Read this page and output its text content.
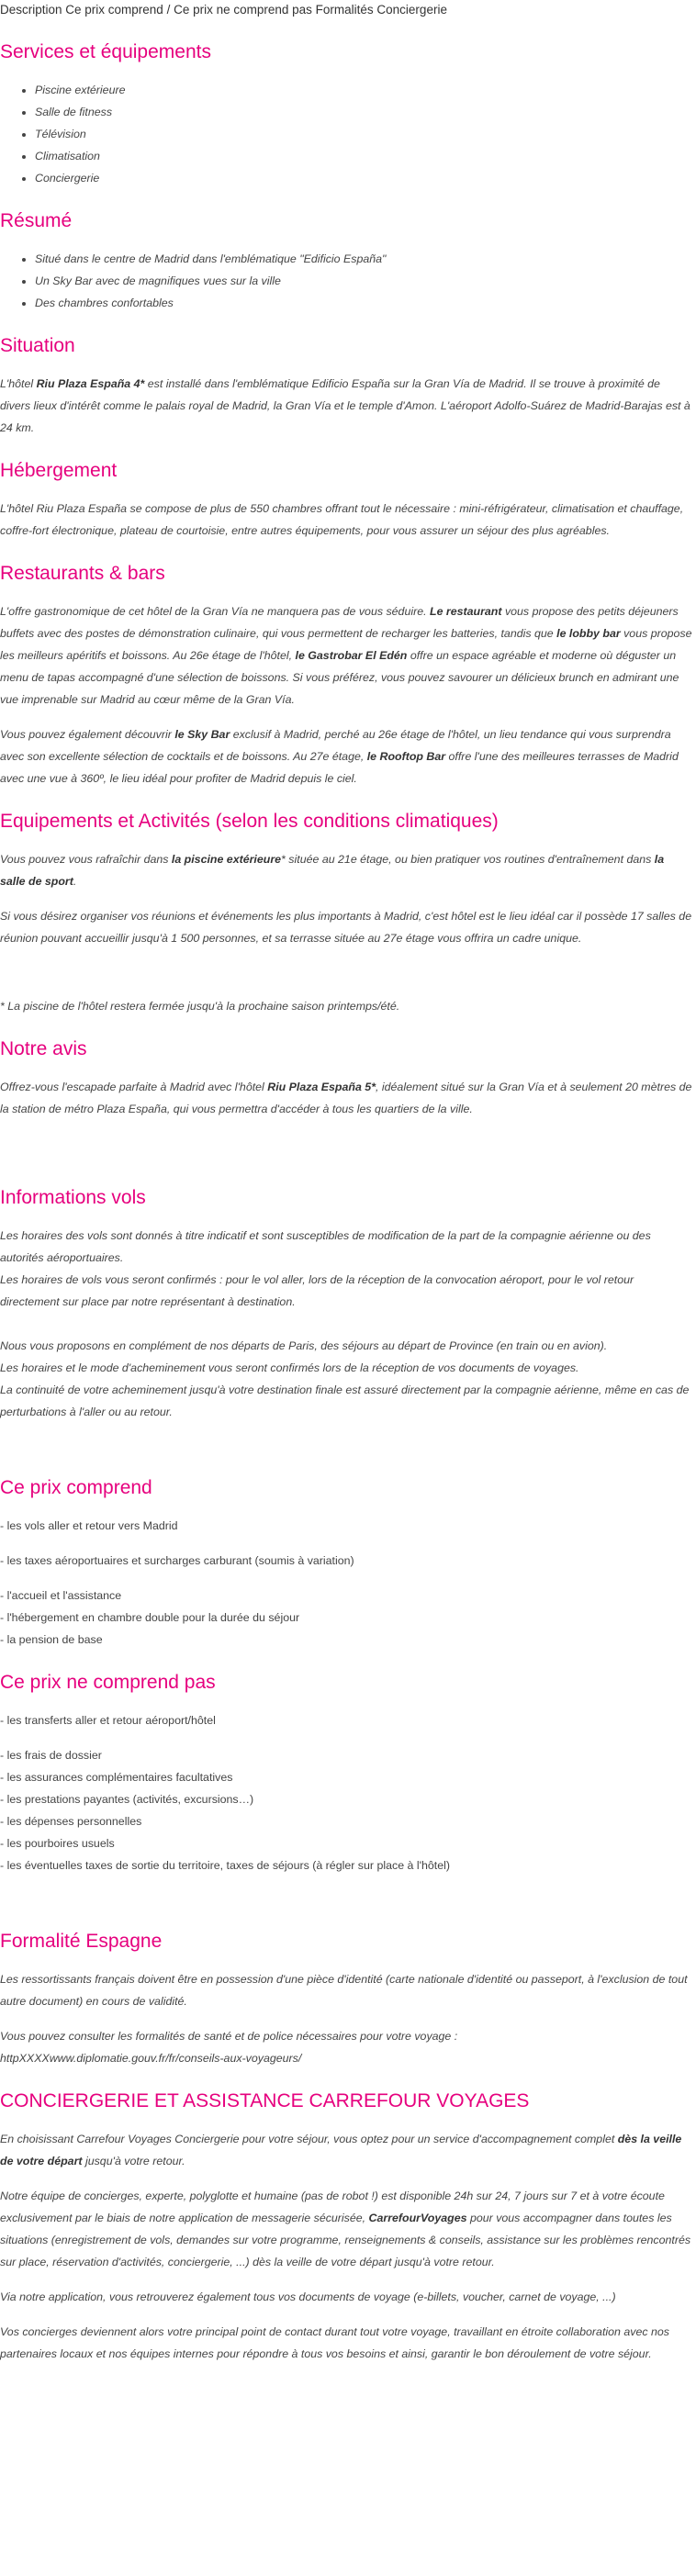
Description Ce prix comprend / Ce prix ne comprend pas Formalités Conciergerie
Services et équipements
• Piscine extérieure
• Salle de fitness
• Télévision
• Climatisation
• Conciergerie
Résumé
• Situé dans le centre de Madrid dans l'emblématique "Edificio España"
• Un Sky Bar avec de magnifiques vues sur la ville
• Des chambres confortables
Situation

L'hôtel Riu Plaza España 4* est installé dans l'emblématique Edificio España sur la Gran Vía de Madrid. Il se trouve à proximité de divers lieux d'intérêt comme le palais royal de Madrid, la Gran Vía et le temple d'Amon. L'aéroport Adolfo-Suárez de Madrid-Barajas est à 24 km.

Hébergement

L'hôtel Riu Plaza España se compose de plus de 550 chambres offrant tout le nécessaire : mini-réfrigérateur, climatisation et chauffage, coffre-fort électronique, plateau de courtoisie, entre autres équipements, pour vous assurer un séjour des plus agréables.

Restaurants & bars

L'offre gastronomique de cet hôtel de la Gran Vía ne manquera pas de vous séduire. Le restaurant vous propose des petits déjeuners buffets avec des postes de démonstration culinaire, qui vous permettent de recharger les batteries, tandis que le lobby bar vous propose les meilleurs apéritifs et boissons. Au 26e étage de l'hôtel, le Gastrobar El Edén offre un espace agréable et moderne où déguster un menu de tapas accompagné d'une sélection de boissons. Si vous préférez, vous pouvez savourer un délicieux brunch en admirant une vue imprenable sur Madrid au cœur même de la Gran Vía.

Vous pouvez également découvrir le Sky Bar exclusif à Madrid, perché au 26e étage de l'hôtel, un lieu tendance qui vous surprendra avec son excellente sélection de cocktails et de boissons. Au 27e étage, le Rooftop Bar offre l'une des meilleures terrasses de Madrid avec une vue à 360º, le lieu idéal pour profiter de Madrid depuis le ciel.

Equipements et Activités (selon les conditions climatiques)

Vous pouvez vous rafraîchir dans la piscine extérieure* située au 21e étage, ou bien pratiquer vos routines d'entraînement dans la salle de sport.

Si vous désirez organiser vos réunions et événements les plus importants à Madrid, c'est hôtel est le lieu idéal car il possède 17 salles de réunion pouvant accueillir jusqu'à 1 500 personnes, et sa terrasse située au 27e étage vous offrira un cadre unique.

* La piscine de l'hôtel restera fermée jusqu'à la prochaine saison printemps/été.

Notre avis

Offrez-vous l'escapade parfaite à Madrid avec l'hôtel Riu Plaza España 5*, idéalement situé sur la Gran Vía et à seulement 20 mètres de la station de métro Plaza España, qui vous permettra d'accéder à tous les quartiers de la ville.

Informations vols

Les horaires des vols sont donnés à titre indicatif et sont susceptibles de modification de la part de la compagnie aérienne ou des autorités aéroportuaires.

Les horaires de vols vous seront confirmés : pour le vol aller, lors de la réception de la convocation aéroport, pour le vol retour directement sur place par notre représentant à destination.

Nous vous proposons en complément de nos départs de Paris, des séjours au départ de Province (en train ou en avion).

Les horaires et le mode d'acheminement vous seront confirmés lors de la réception de vos documents de voyages.

La continuité de votre acheminement jusqu'à votre destination finale est assuré directement par la compagnie aérienne, même en cas de perturbations à l'aller ou au retour.

Ce prix comprend

- les vols aller et retour vers Madrid

- les taxes aéroportuaires et surcharges carburant (soumis à variation)

- l'accueil et l'assistance

- l'hébergement en chambre double pour la durée du séjour

- la pension de base

Ce prix ne comprend pas

- les transferts aller et retour aéroport/hôtel

- les frais de dossier

- les assurances complémentaires facultatives

- les prestations payantes (activités, excursions…)

- les dépenses personnelles

- les pourboires usuels

- les éventuelles taxes de sortie du territoire, taxes de séjours (à régler sur place à l'hôtel)

Formalité Espagne

Les ressortissants français doivent être en possession d'une pièce d'identité (carte nationale d'identité ou passeport, à l'exclusion de tout autre document) en cours de validité.

Vous pouvez consulter les formalités de santé et de police nécessaires pour votre voyage :

httpXXXXwww.diplomatie.gouv.fr/fr/conseils-aux-voyageurs/

CONCIERGERIE ET ASSISTANCE CARREFOUR VOYAGES

En choisissant Carrefour Voyages Conciergerie pour votre séjour, vous optez pour un service d'accompagnement complet dès la veille de votre départ jusqu'à votre retour.

Notre équipe de concierges, experte, polyglotte et humaine (pas de robot !) est disponible 24h sur 24, 7 jours sur 7 et à votre écoute exclusivement par le biais de notre application de messagerie sécurisée, CarrefourVoyages pour vous accompagner dans toutes les situations (enregistrement de vols, demandes sur votre programme, renseignements & conseils, assistance sur les problèmes rencontrés sur place, réservation d'activités, conciergerie, ...) dès la veille de votre départ jusqu'à votre retour.

Via notre application, vous retrouverez également tous vos documents de voyage (e-billets, voucher, carnet de voyage, ...)

Vos concierges deviennent alors votre principal point de contact durant tout votre voyage, travaillant en étroite collaboration avec nos partenaires locaux et nos équipes internes pour répondre à tous vos besoins et ainsi, garantir le bon déroulement de votre séjour.
